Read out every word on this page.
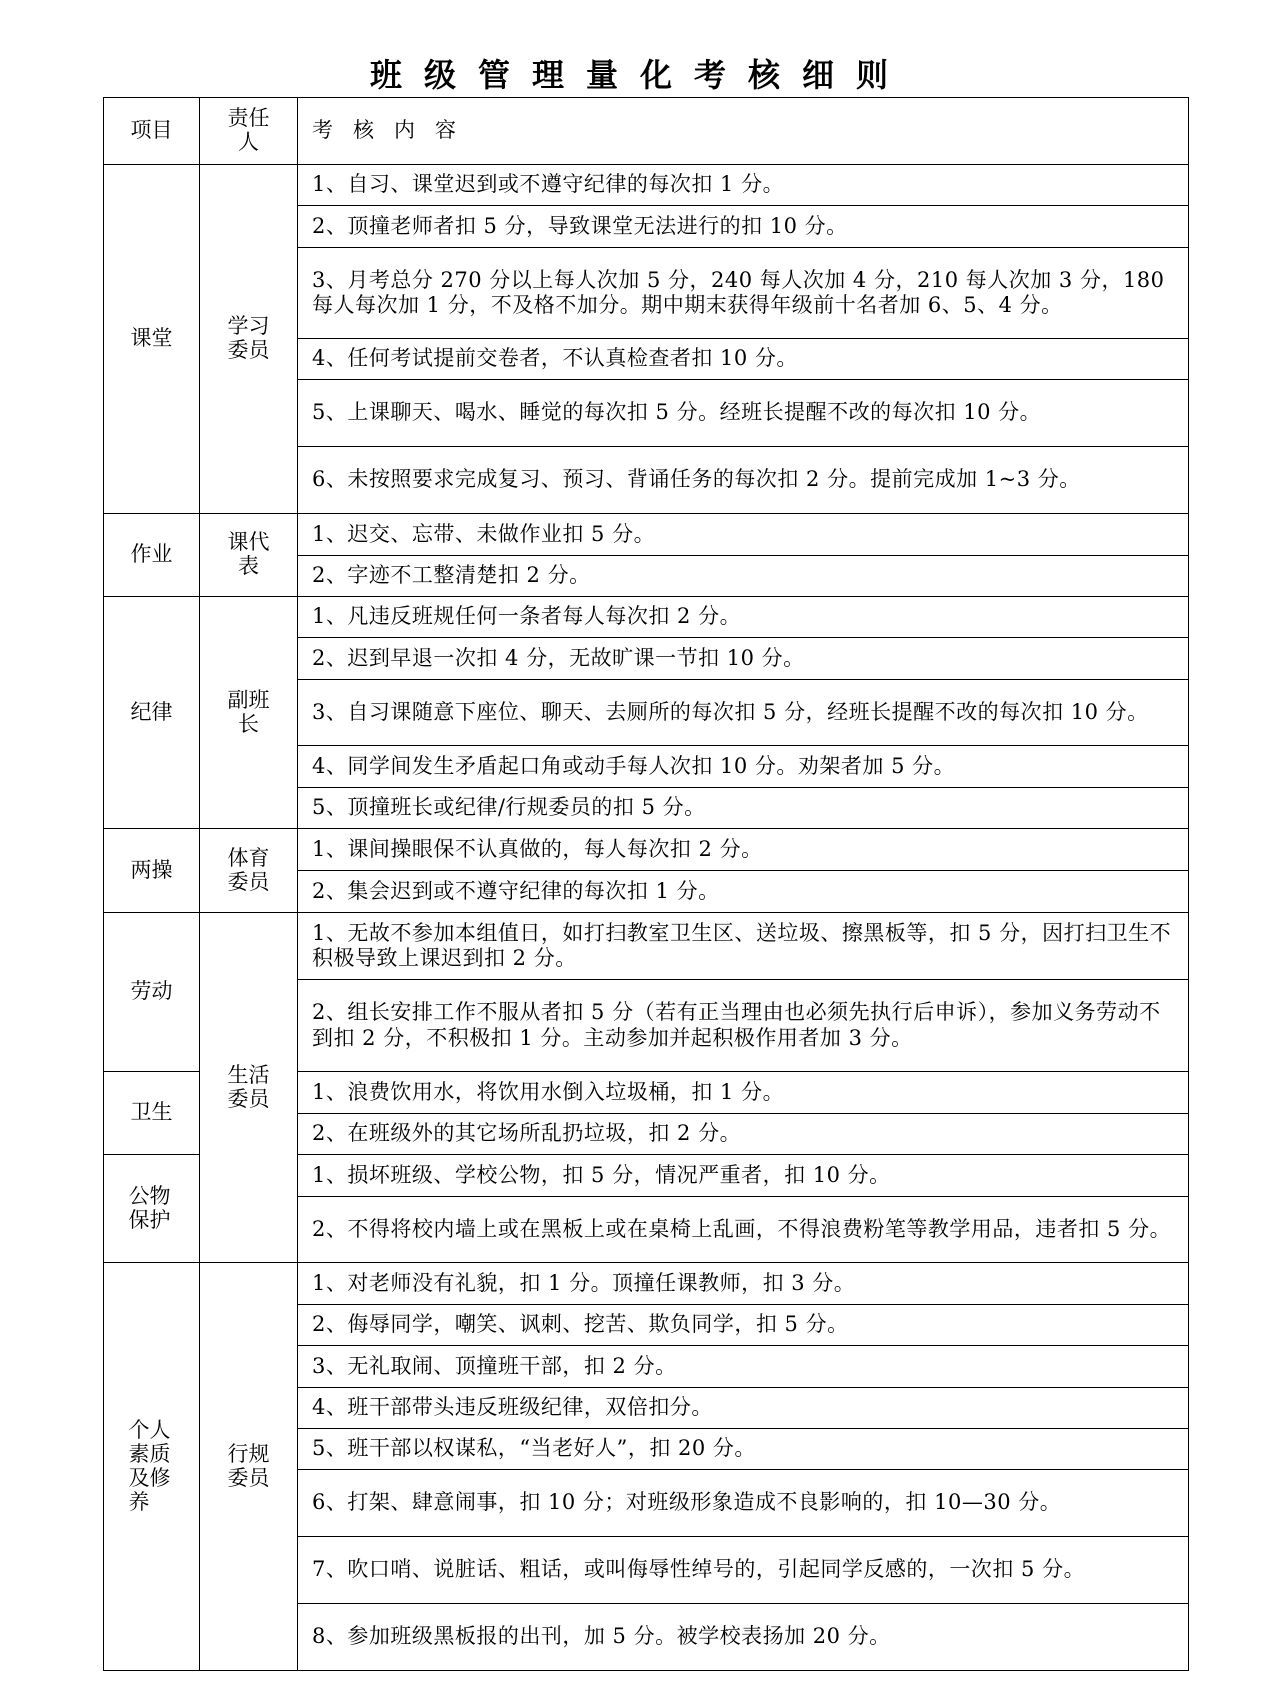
班级管理量化考核细则
项目	责任人	考核内容
课堂	学习委员	1、自习、课堂迟到或不遵守纪律的每次扣 1 分。
		2、顶撞老师者扣 5 分，导致课堂无法进行的扣 10 分。
		3、月考总分 270 分以上每人次加 5 分，240 每人次加 4 分，210 每人次加 3 分，180 每人每次加 1 分，不及格不加分。期中期末获得年级前十名者加 6、5、4 分。
		4、任何考试提前交卷者，不认真检查者扣 10 分。
		5、上课聊天、喝水、睡觉的每次扣 5 分。经班长提醒不改的每次扣 10 分。
		6、未按照要求完成复习、预习、背诵任务的每次扣 2 分。提前完成加 1~3 分。
作业	课代表	1、迟交、忘带、未做作业扣 5 分。
		2、字迹不工整清楚扣 2 分。
纪律	副班长	1、凡违反班规任何一条者每人每次扣 2 分。
		2、迟到早退一次扣 4 分，无故旷课一节扣 10 分。
		3、自习课随意下座位、聊天、去厕所的每次扣 5 分，经班长提醒不改的每次扣 10 分。
		4、同学间发生矛盾起口角或动手每人次扣 10 分。劝架者加 5 分。
		5、顶撞班长或纪律/行规委员的扣 5 分。
两操	体育委员	1、课间操眼保不认真做的，每人每次扣 2 分。
		2、集会迟到或不遵守纪律的每次扣 1 分。
劳动	生活委员	1、无故不参加本组值日，如打扫教室卫生区、送垃圾、擦黑板等，扣 5 分，因打扫卫生不积极导致上课迟到扣 2 分。
		2、组长安排工作不服从者扣 5 分（若有正当理由也必须先执行后申诉），参加义务劳动不到扣 2 分，不积极扣 1 分。主动参加并起积极作用者加 3 分。
卫生		1、浪费饮用水，将饮用水倒入垃圾桶，扣 1 分。
		2、在班级外的其它场所乱扔垃圾，扣 2 分。
公物保护		1、损坏班级、学校公物，扣 5 分，情况严重者，扣 10 分。
		2、不得将校内墙上或在黑板上或在桌椅上乱画，不得浪费粉笔等教学用品，违者扣 5 分。
个人素质及修养	行规委员	1、对老师没有礼貌，扣 1 分。顶撞任课教师，扣 3 分。
		2、侮辱同学，嘲笑、讽刺、挖苦、欺负同学，扣 5 分。
		3、无礼取闹、顶撞班干部，扣 2 分。
		4、班干部带头违反班级纪律，双倍扣分。
		5、班干部以权谋私，“当老好人”，扣 20 分。
		6、打架、肆意闹事，扣 10 分；对班级形象造成不良影响的，扣 10—30 分。
		7、吹口哨、说脏话、粗话，或叫侮辱性绰号的，引起同学反感的，一次扣 5 分。
		8、参加班级黑板报的出刊，加 5 分。被学校表扬加 20 分。
